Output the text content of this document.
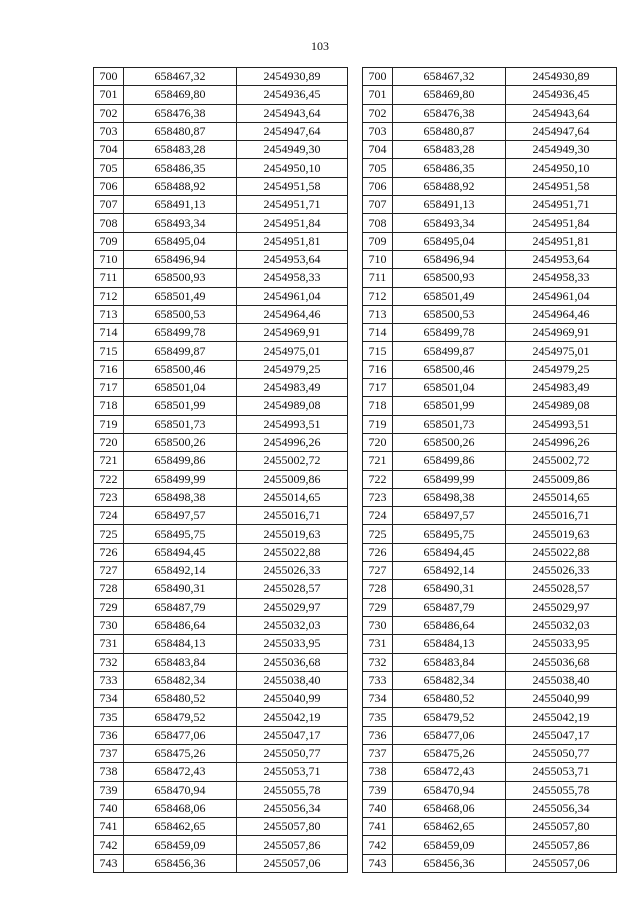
103
700	658467,32	2454930,89
701	658469,80	2454936,45
702	658476,38	2454943,64
703	658480,87	2454947,64
704	658483,28	2454949,30
705	658486,35	2454950,10
706	658488,92	2454951,58
707	658491,13	2454951,71
708	658493,34	2454951,84
709	658495,04	2454951,81
710	658496,94	2454953,64
711	658500,93	2454958,33
712	658501,49	2454961,04
713	658500,53	2454964,46
714	658499,78	2454969,91
715	658499,87	2454975,01
716	658500,46	2454979,25
717	658501,04	2454983,49
718	658501,99	2454989,08
719	658501,73	2454993,51
720	658500,26	2454996,26
721	658499,86	2455002,72
722	658499,99	2455009,86
723	658498,38	2455014,65
724	658497,57	2455016,71
725	658495,75	2455019,63
726	658494,45	2455022,88
727	658492,14	2455026,33
728	658490,31	2455028,57
729	658487,79	2455029,97
730	658486,64	2455032,03
731	658484,13	2455033,95
732	658483,84	2455036,68
733	658482,34	2455038,40
734	658480,52	2455040,99
735	658479,52	2455042,19
736	658477,06	2455047,17
737	658475,26	2455050,77
738	658472,43	2455053,71
739	658470,94	2455055,78
740	658468,06	2455056,34
741	658462,65	2455057,80
742	658459,09	2455057,86
743	658456,36	2455057,06
700	658467,32	2454930,89
701	658469,80	2454936,45
702	658476,38	2454943,64
703	658480,87	2454947,64
704	658483,28	2454949,30
705	658486,35	2454950,10
706	658488,92	2454951,58
707	658491,13	2454951,71
708	658493,34	2454951,84
709	658495,04	2454951,81
710	658496,94	2454953,64
711	658500,93	2454958,33
712	658501,49	2454961,04
713	658500,53	2454964,46
714	658499,78	2454969,91
715	658499,87	2454975,01
716	658500,46	2454979,25
717	658501,04	2454983,49
718	658501,99	2454989,08
719	658501,73	2454993,51
720	658500,26	2454996,26
721	658499,86	2455002,72
722	658499,99	2455009,86
723	658498,38	2455014,65
724	658497,57	2455016,71
725	658495,75	2455019,63
726	658494,45	2455022,88
727	658492,14	2455026,33
728	658490,31	2455028,57
729	658487,79	2455029,97
730	658486,64	2455032,03
731	658484,13	2455033,95
732	658483,84	2455036,68
733	658482,34	2455038,40
734	658480,52	2455040,99
735	658479,52	2455042,19
736	658477,06	2455047,17
737	658475,26	2455050,77
738	658472,43	2455053,71
739	658470,94	2455055,78
740	658468,06	2455056,34
741	658462,65	2455057,80
742	658459,09	2455057,86
743	658456,36	2455057,06
